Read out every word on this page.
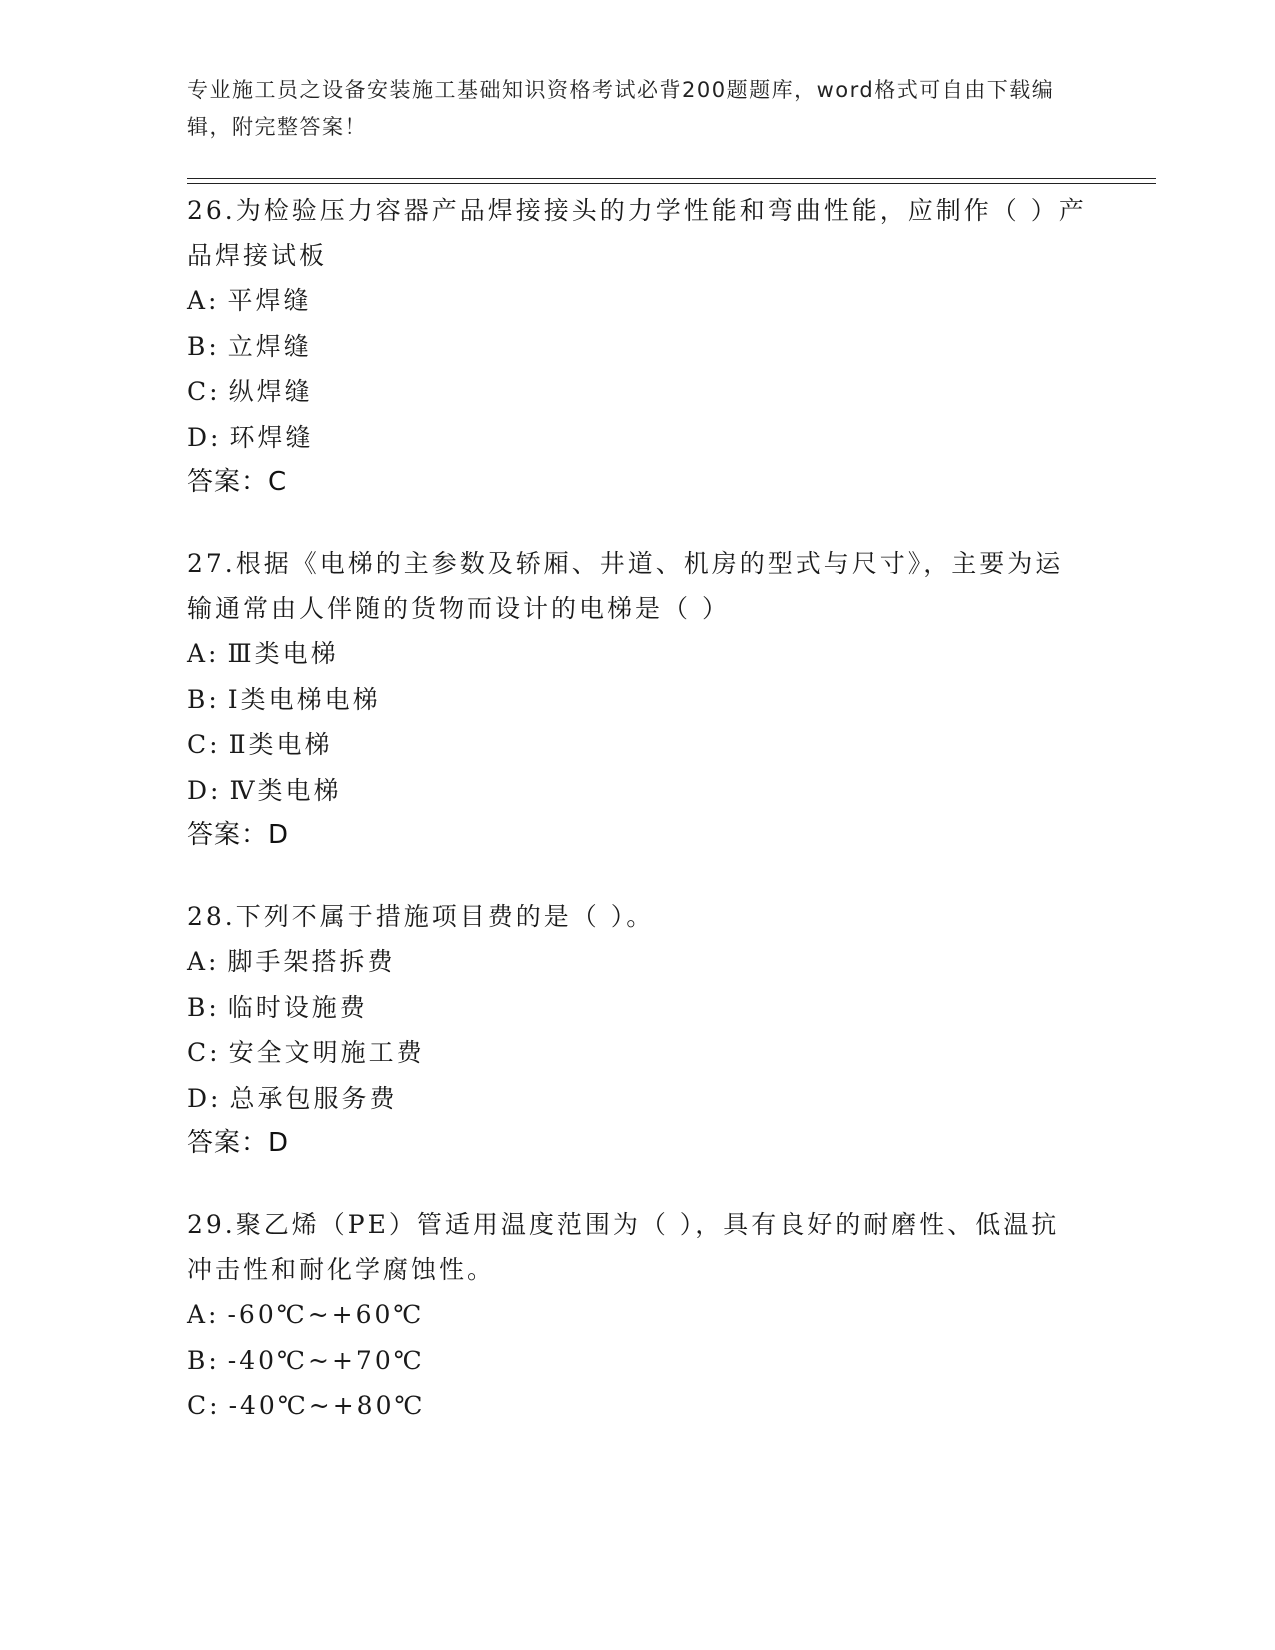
专业施工员之设备安装施工基础知识资格考试必背200题题库，word格式可自由下载编辑，附完整答案！
26.为检验压力容器产品焊接接头的力学性能和弯曲性能，应制作（ ）产品焊接试板
A: 平焊缝
B: 立焊缝
C: 纵焊缝
D: 环焊缝
答案：C
27.根据《电梯的主参数及轿厢、井道、机房的型式与尺寸》，主要为运输通常由人伴随的货物而设计的电梯是（ ）
A: Ⅲ类电梯
B: Ⅰ类电梯电梯
C: Ⅱ类电梯
D: Ⅳ类电梯
答案：D
28.下列不属于措施项目费的是（ ）。
A: 脚手架搭拆费
B: 临时设施费
C: 安全文明施工费
D: 总承包服务费
答案：D
29.聚乙烯（PE）管适用温度范围为（ ），具有良好的耐磨性、低温抗冲击性和耐化学腐蚀性。
A: -60℃~+60℃
B: -40℃~+70℃
C: -40℃~+80℃
